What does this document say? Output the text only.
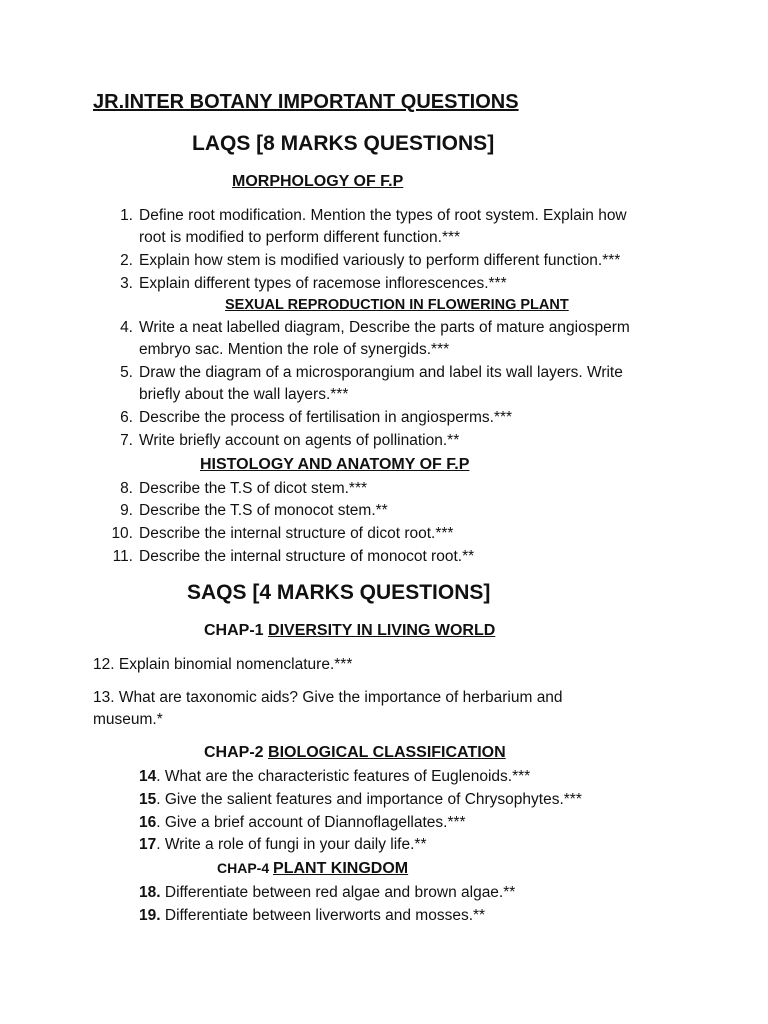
JR.INTER BOTANY IMPORTANT QUESTIONS
LAQS [8 MARKS QUESTIONS]
MORPHOLOGY OF F.P
1. Define root modification. Mention the types of root system. Explain how
root is modified to perform different function.***
2. Explain how stem is modified variously to perform different function.***
3. Explain different types of racemose inflorescences.***
SEXUAL REPRODUCTION IN FLOWERING PLANT
4. Write a neat labelled diagram, Describe the parts of mature angiosperm
embryo sac. Mention the role of synergids.***
5. Draw the diagram of a microsporangium and label its wall layers. Write
briefly about the wall layers.***
6. Describe the process of fertilisation in angiosperms.***
7. Write briefly account on agents of pollination.**
HISTOLOGY AND ANATOMY OF F.P
8. Describe the T.S of dicot stem.***
9. Describe the T.S of monocot stem.**
10. Describe the internal structure of dicot root.***
11. Describe the internal structure of monocot root.**
SAQS [4 MARKS QUESTIONS]
CHAP-1 DIVERSITY IN LIVING WORLD
12. Explain binomial nomenclature.***
13. What are taxonomic aids? Give the importance of herbarium and
museum.*
CHAP-2 BIOLOGICAL CLASSIFICATION
14. What are the characteristic features of Euglenoids.***
15. Give the salient features and importance of Chrysophytes.***
16. Give a brief account of Diannoflagellates.***
17. Write a role of fungi in your daily life.**
CHAP-4 PLANT KINGDOM
18. Differentiate between red algae and brown algae.**
19. Differentiate between liverworts and mosses.**
